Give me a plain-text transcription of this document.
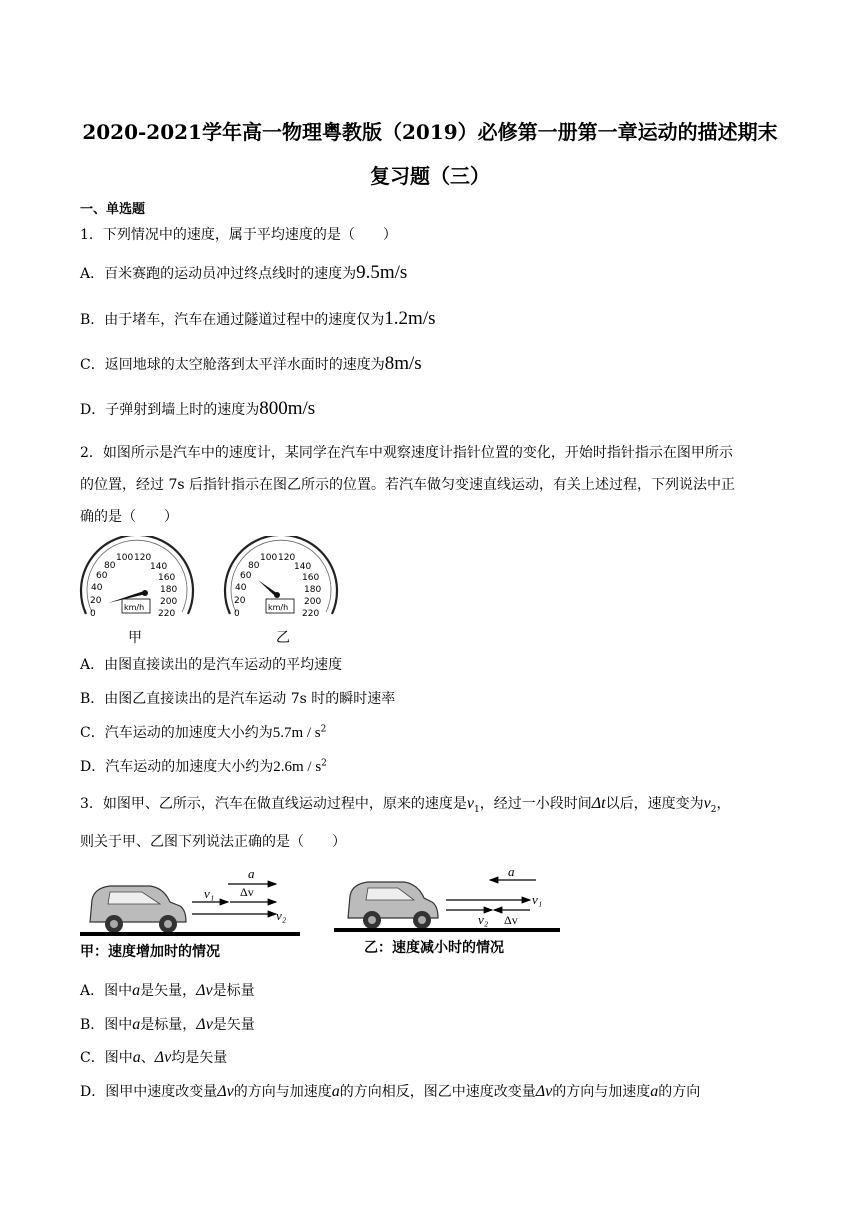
2020-2021学年高一物理粤教版（2019）必修第一册第一章运动的描述期末
复习题（三）
一、单选题
1．下列情况中的速度，属于平均速度的是（　　）
A．百米赛跑的运动员冲过终点线时的速度为9.5m/s
B．由于堵车，汽车在通过隧道过程中的速度仅为1.2m/s
C．返回地球的太空舱落到太平洋水面时的速度为8m/s
D．子弹射到墙上时的速度为800m/s
2．如图所示是汽车中的速度计，某同学在汽车中观察速度计指针位置的变化，开始时指针指示在图甲所示
的位置，经过 7s 后指针指示在图乙所示的位置。若汽车做匀变速直线运动，有关上述过程，下列说法中正
确的是（　　）
0
20
40
60
80
100 120
140
160
180
200
220
km/h
甲
0
20
40
60
80
100 120
140
160
180
200
220
km/h
乙
A．由图直接读出的是汽车运动的平均速度
B．由图乙直接读出的是汽车运动 7s 时的瞬时速率
C．汽车运动的加速度大小约为$5.7m / s^2$
D．汽车运动的加速度大小约为$2.6m / s^2$
3．如图甲、乙所示，汽车在做直线运动过程中，原来的速度是$v_1$，经过一小段时间Δt以后，速度变为$v_2$，
则关于甲、乙图下列说法正确的是（　　）
a
v₁ Δv
v₂
甲：速度增加时的情况
a
v₁
v₂ Δv
乙：速度减小时的情况
A．图中a是矢量，Δv是标量
B．图中a是标量，Δv是矢量
C．图中a、Δv均是矢量
D．图甲中速度改变量Δv的方向与加速度a的方向相反，图乙中速度改变量Δv的方向与加速度a的方向
